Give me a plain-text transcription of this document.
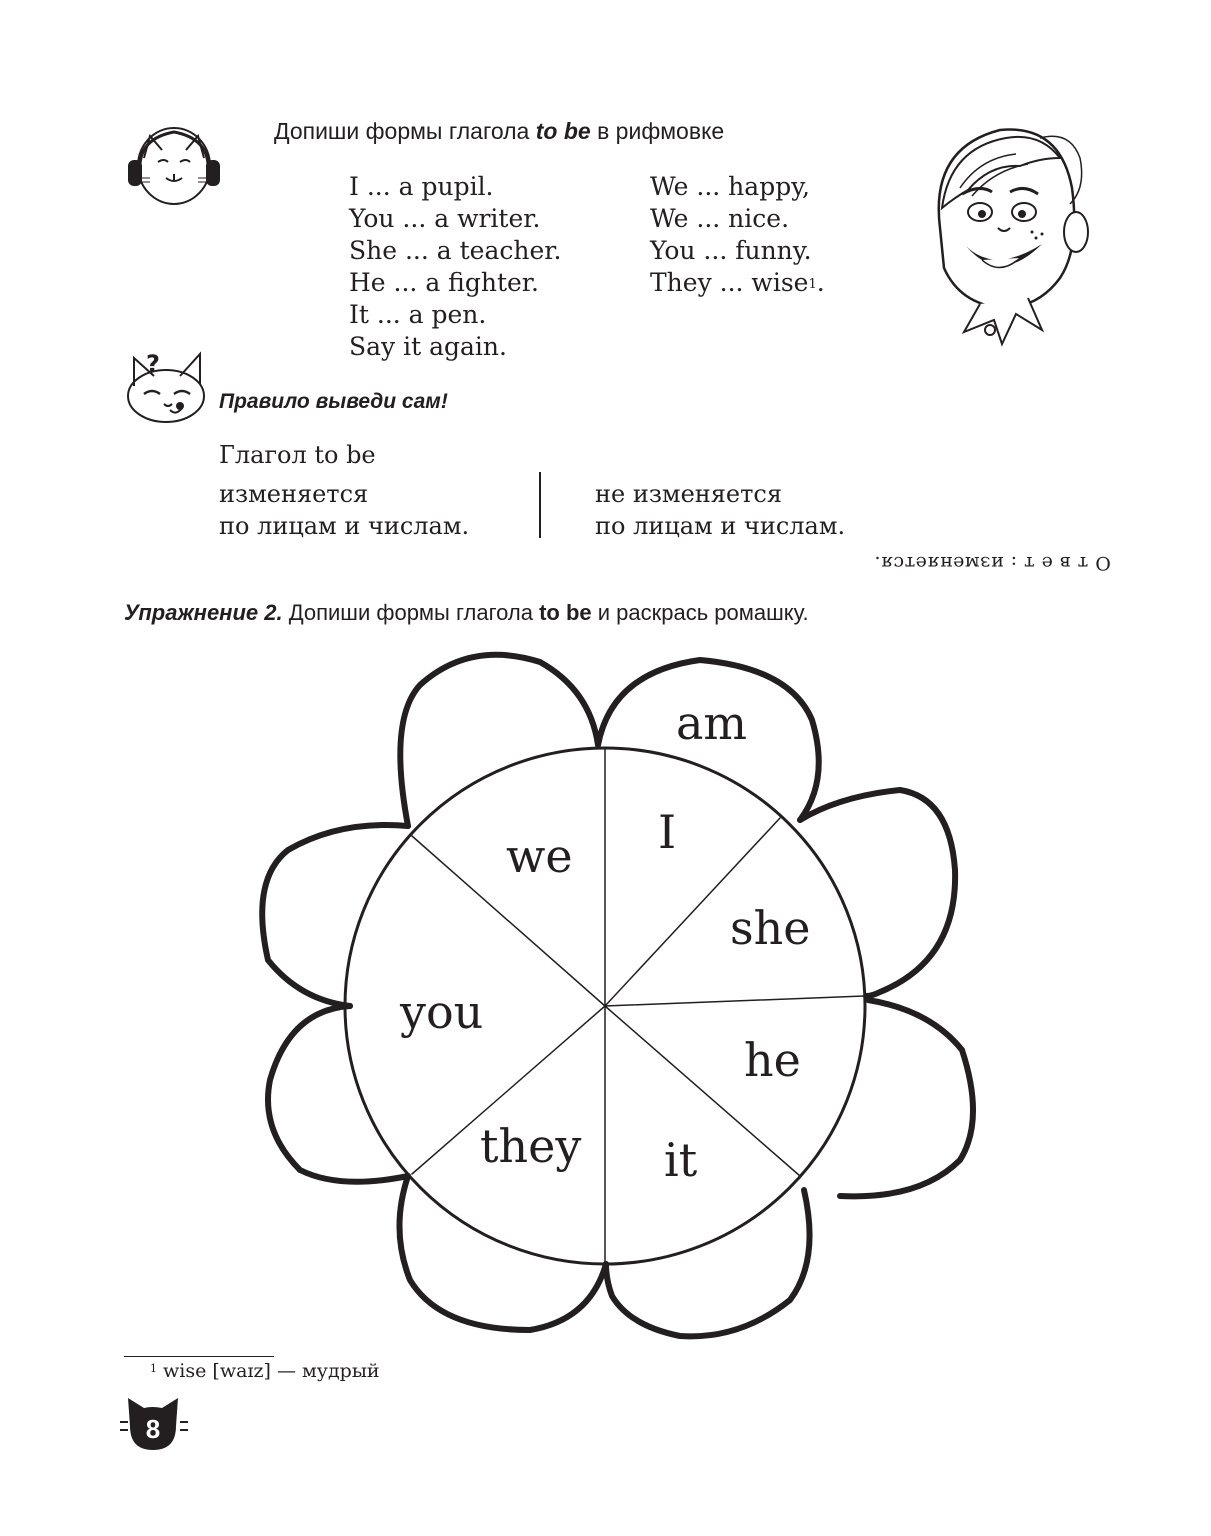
Допиши формы глагола to be в рифмовке
I ... a pupil.
You ... a writer.
She ... a teacher.
He ... a fighter.
It ... a pen.
Say it again.
We ... happy,
We ... nice.
You ... funny.
They ... wise$^1$.
?
Правило выведи сам!
Глагол to be
изменяется
по лицам и числам.
не изменяется
по лицам и числам.
О т в е т : изменяется.
Упражнение 2. Допиши формы глагола to be и раскрась ромашку.
am
I
we
she
you
he
they it
$^1$ wise [waɪz] — мудрый
8
